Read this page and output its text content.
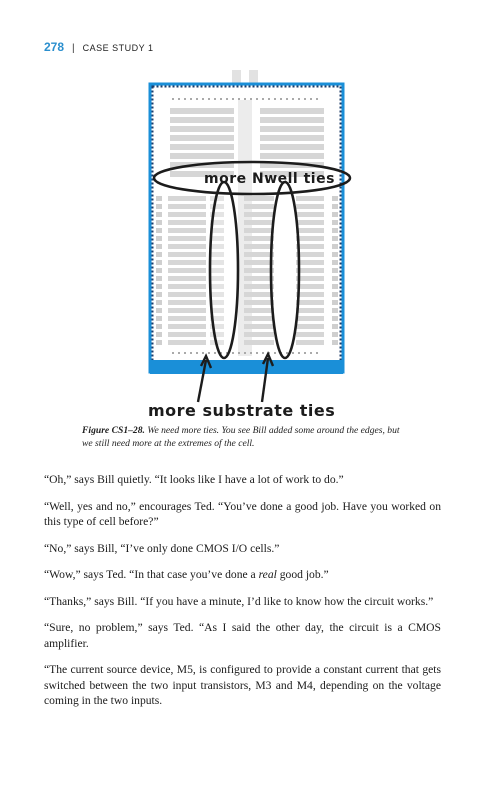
278 | CASE STUDY 1
more Nwell ties
more substrate ties
Figure CS1–28. We need more ties. You see Bill added some around the edges, but we still need more at the extremes of the cell.

“Oh,” says Bill quietly. “It looks like I have a lot of work to do.”

“Well, yes and no,” encourages Ted. “You’ve done a good job. Have you worked on this type of cell before?”

“No,” says Bill, “I’ve only done CMOS I/O cells.”

“Wow,” says Ted. “In that case you’ve done a real good job.”

“Thanks,” says Bill. “If you have a minute, I’d like to know how the circuit works.”

“Sure, no problem,” says Ted. “As I said the other day, the circuit is a CMOS amplifier.

“The current source device, M5, is configured to provide a constant current that gets switched between the two input transistors, M3 and M4, depending on the voltage coming in the two inputs.
